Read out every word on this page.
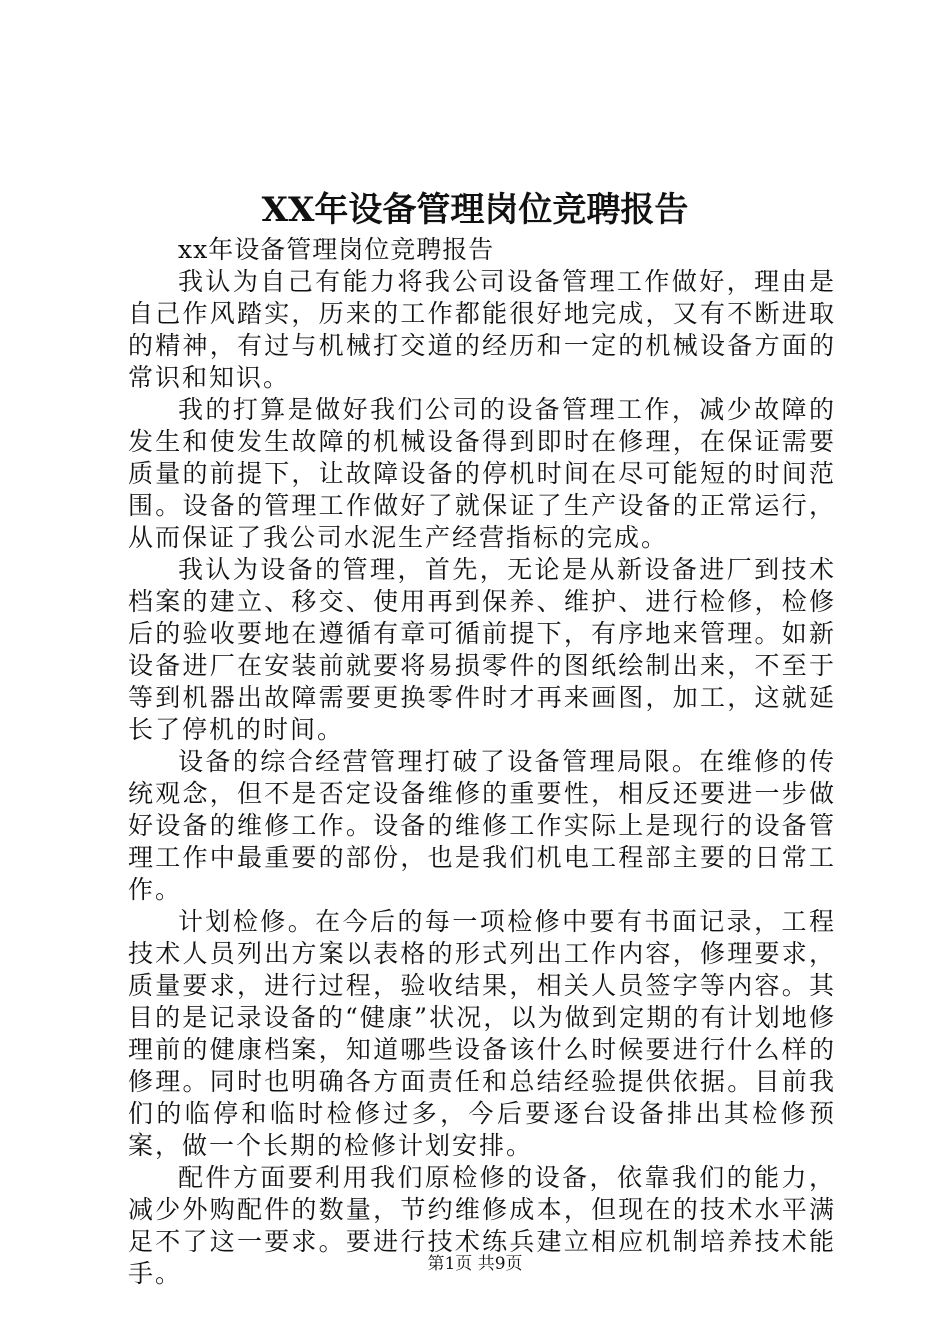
XX年设备管理岗位竞聘报告

xx年设备管理岗位竞聘报告

我认为自己有能力将我公司设备管理工作做好，理由是自己作风踏实，历来的工作都能很好地完成，又有不断进取的精神，有过与机械打交道的经历和一定的机械设备方面的常识和知识。

我的打算是做好我们公司的设备管理工作，减少故障的发生和使发生故障的机械设备得到即时在修理，在保证需要质量的前提下，让故障设备的停机时间在尽可能短的时间范围。设备的管理工作做好了就保证了生产设备的正常运行，从而保证了我公司水泥生产经营指标的完成。

我认为设备的管理，首先，无论是从新设备进厂到技术档案的建立、移交、使用再到保养、维护、进行检修，检修后的验收要地在遵循有章可循前提下，有序地来管理。如新设备进厂在安装前就要将易损零件的图纸绘制出来，不至于等到机器出故障需要更换零件时才再来画图，加工，这就延长了停机的时间。

设备的综合经营管理打破了设备管理局限。在维修的传统观念，但不是否定设备维修的重要性，相反还要进一步做好设备的维修工作。设备的维修工作实际上是现行的设备管理工作中最重要的部份，也是我们机电工程部主要的日常工作。

计划检修。在今后的每一项检修中要有书面记录，工程技术人员列出方案以表格的形式列出工作内容，修理要求，质量要求，进行过程，验收结果，相关人员签字等内容。其目的是记录设备的“健康”状况，以为做到定期的有计划地修理前的健康档案，知道哪些设备该什么时候要进行什么样的修理。同时也明确各方面责任和总结经验提供依据。目前我们的临停和临时检修过多，今后要逐台设备排出其检修预案，做一个长期的检修计划安排。

配件方面要利用我们原检修的设备，依靠我们的能力，减少外购配件的数量，节约维修成本，但现在的技术水平满足不了这一要求。要进行技术练兵建立相应机制培养技术能手。	第1页 共9页
